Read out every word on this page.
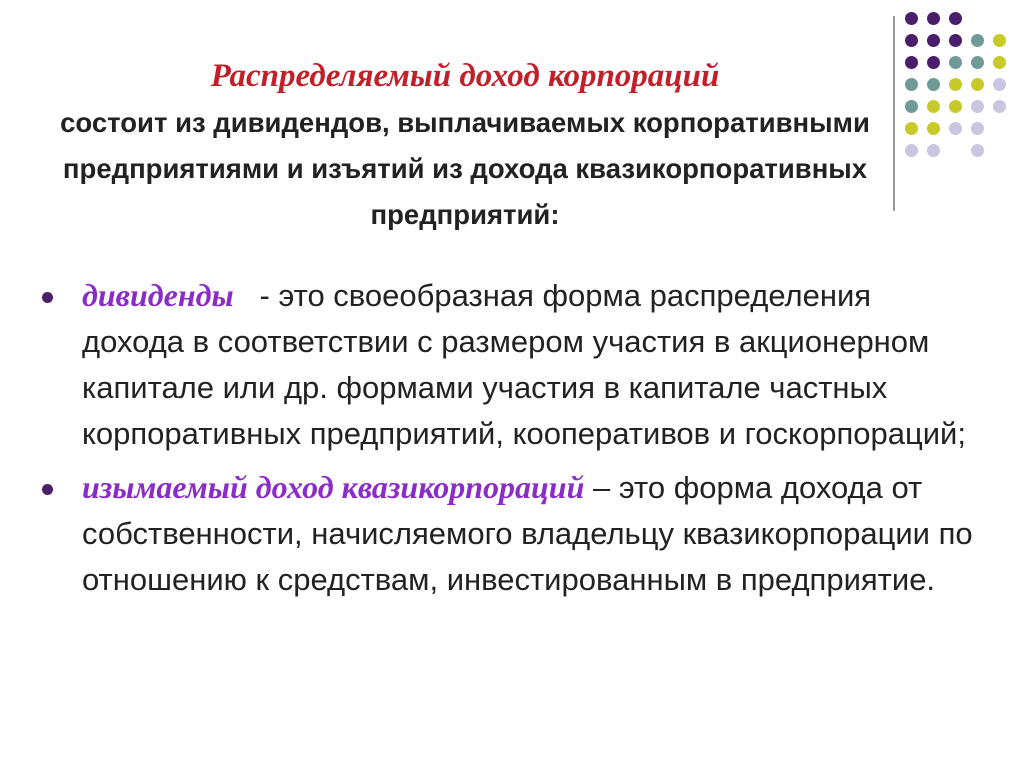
Распределяемый доход корпораций
состоит из дивидендов, выплачиваемых корпоративными предприятиями и изъятий из дохода квазикорпоративных предприятий:
дивиденды - это своеобразная форма распределения дохода в соответствии с размером участия в акционерном капитале или др. формами участия в капитале частных корпоративных предприятий, кооперативов и госкорпораций;
изымаемый доход квазикорпораций – это форма дохода от собственности, начисляемого владельцу квазикорпорации по отношению к средствам, инвестированным в предприятие.
